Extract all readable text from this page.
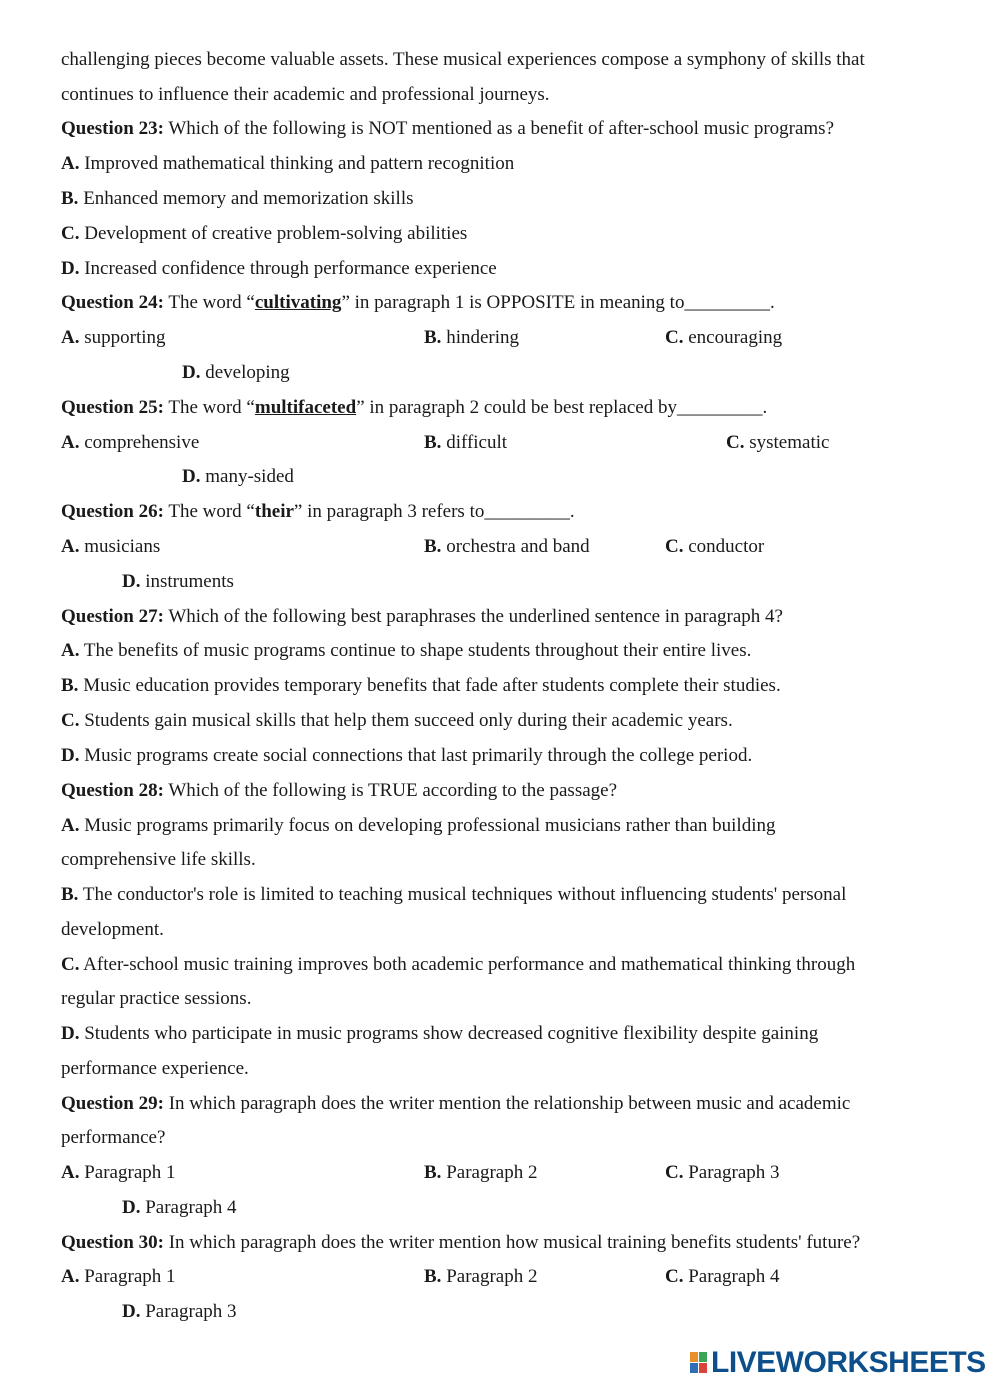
challenging pieces become valuable assets. These musical experiences compose a symphony of skills that
continues to influence their academic and professional journeys.
Question 23: Which of the following is NOT mentioned as a benefit of after-school music programs?
A. Improved mathematical thinking and pattern recognition
B. Enhanced memory and memorization skills
C. Development of creative problem-solving abilities
D. Increased confidence through performance experience
Question 24: The word “cultivating” in paragraph 1 is OPPOSITE in meaning to_________.
A. supporting	B. hindering	C. encouraging
D. developing
Question 25: The word “multifaceted” in paragraph 2 could be best replaced by_________.
A. comprehensive	B. difficult	C. systematic
D. many-sided
Question 26: The word “their” in paragraph 3 refers to_________.
A. musicians	B. orchestra and band	C. conductor
D. instruments
Question 27: Which of the following best paraphrases the underlined sentence in paragraph 4?
A. The benefits of music programs continue to shape students throughout their entire lives.
B. Music education provides temporary benefits that fade after students complete their studies.
C. Students gain musical skills that help them succeed only during their academic years.
D. Music programs create social connections that last primarily through the college period.
Question 28: Which of the following is TRUE according to the passage?
A. Music programs primarily focus on developing professional musicians rather than building
comprehensive life skills.
B. The conductor's role is limited to teaching musical techniques without influencing students' personal
development.
C. After-school music training improves both academic performance and mathematical thinking through
regular practice sessions.
D. Students who participate in music programs show decreased cognitive flexibility despite gaining
performance experience.
Question 29: In which paragraph does the writer mention the relationship between music and academic
performance?
A. Paragraph 1	B. Paragraph 2	C. Paragraph 3
D. Paragraph 4
Question 30: In which paragraph does the writer mention how musical training benefits students' future?
A. Paragraph 1	B. Paragraph 2	C. Paragraph 4
D. Paragraph 3
LIVEWORKSHEETS
